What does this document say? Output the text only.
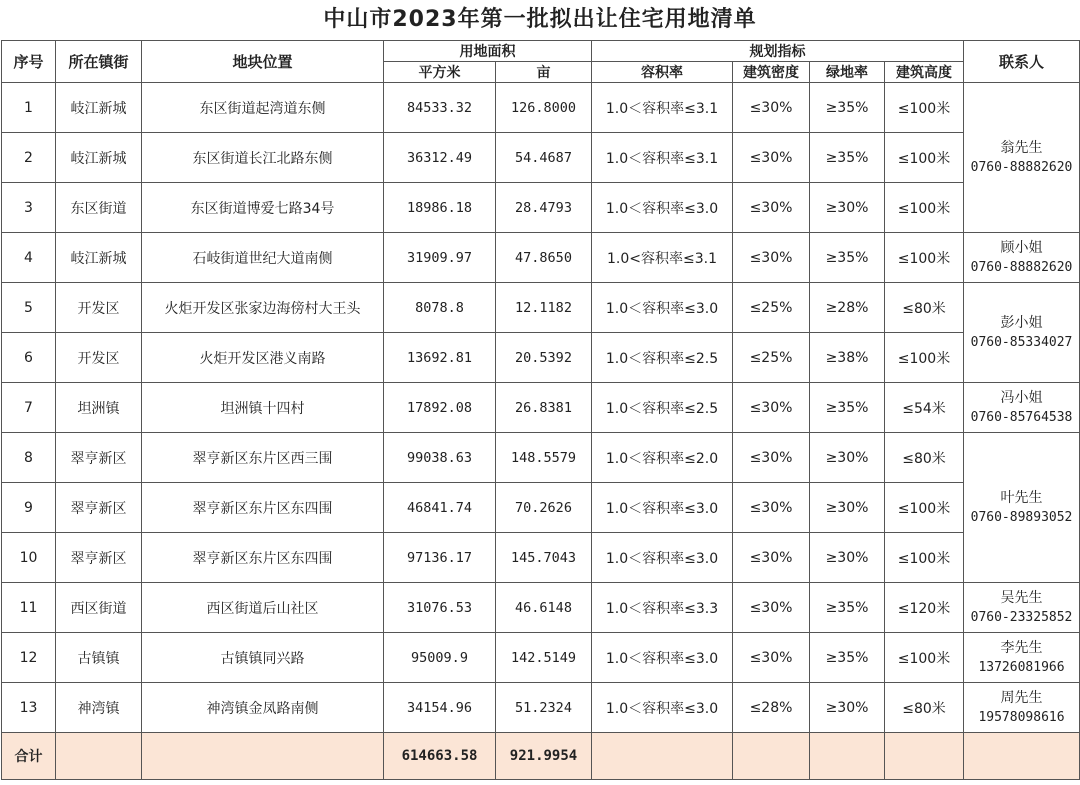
中山市2023年第一批拟出让住宅用地清单
序号	所在镇街	地块位置	用地面积		规划指标				联系人
			平方米	亩	容积率	建筑密度	绿地率	建筑高度	
1	岐江新城	东区街道起湾道东侧	84533.32	126.8000	1.0＜容积率≤3.1	≤30%	≥35%	≤100米	翁先生
0760-88882620

2	岐江新城	东区街道长江北路东侧	36312.49	54.4687	1.0＜容积率≤3.1	≤30%	≥35%	≤100米	
3	东区街道	东区街道博爱七路34号	18986.18	28.4793	1.0＜容积率≤3.0	≤30%	≥30%	≤100米	
4	岐江新城	石岐街道世纪大道南侧	31909.97	47.8650	1.0<容积率≤3.1	≤30%	≥35%	≤100米	顾小姐
0760-88882620

5	开发区	火炬开发区张家边海傍村大王头	8078.8	12.1182	1.0＜容积率≤3.0	≤25%	≥28%	≤80米	彭小姐
0760-85334027

6	开发区	火炬开发区港义南路	13692.81	20.5392	1.0＜容积率≤2.5	≤25%	≥38%	≤100米	
7	坦洲镇	坦洲镇十四村	17892.08	26.8381	1.0＜容积率≤2.5	≤30%	≥35%	≤54米	冯小姐
0760-85764538

8	翠亨新区	翠亨新区东片区西三围	99038.63	148.5579	1.0＜容积率≤2.0	≤30%	≥30%	≤80米	叶先生
0760-89893052

9	翠亨新区	翠亨新区东片区东四围	46841.74	70.2626	1.0＜容积率≤3.0	≤30%	≥30%	≤100米	
10	翠亨新区	翠亨新区东片区东四围	97136.17	145.7043	1.0＜容积率≤3.0	≤30%	≥30%	≤100米	
11	西区街道	西区街道后山社区	31076.53	46.6148	1.0＜容积率≤3.3	≤30%	≥35%	≤120米	吴先生
0760-23325852

12	古镇镇	古镇镇同兴路	95009.9	142.5149	1.0＜容积率≤3.0	≤30%	≥35%	≤100米	李先生
13726081966

13	神湾镇	神湾镇金凤路南侧	34154.96	51.2324	1.0＜容积率≤3.0	≤28%	≥30%	≤80米	周先生
19578098616

合计			614663.58	921.9954					
